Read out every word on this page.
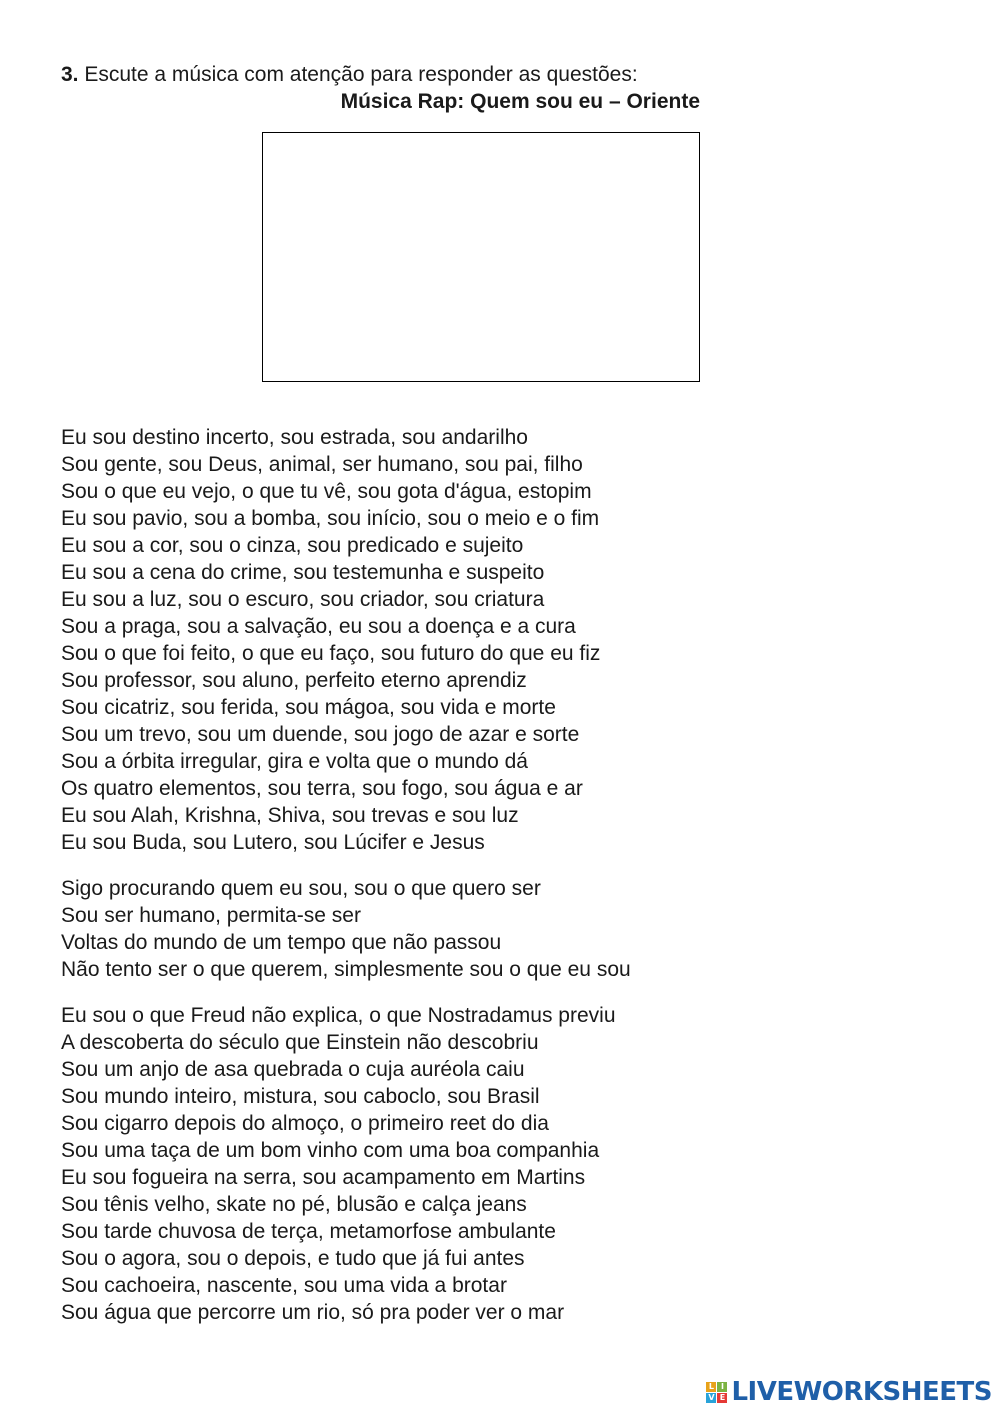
3. Escute a música com atenção para responder as questões:
Música Rap: Quem sou eu – Oriente
Eu sou destino incerto, sou estrada, sou andarilho
Sou gente, sou Deus, animal, ser humano, sou pai, filho
Sou o que eu vejo, o que tu vê, sou gota d'água, estopim
Eu sou pavio, sou a bomba, sou início, sou o meio e o fim
Eu sou a cor, sou o cinza, sou predicado e sujeito
Eu sou a cena do crime, sou testemunha e suspeito
Eu sou a luz, sou o escuro, sou criador, sou criatura
Sou a praga, sou a salvação, eu sou a doença e a cura
Sou o que foi feito, o que eu faço, sou futuro do que eu fiz
Sou professor, sou aluno, perfeito eterno aprendiz
Sou cicatriz, sou ferida, sou mágoa, sou vida e morte
Sou um trevo, sou um duende, sou jogo de azar e sorte
Sou a órbita irregular, gira e volta que o mundo dá
Os quatro elementos, sou terra, sou fogo, sou água e ar
Eu sou Alah, Krishna, Shiva, sou trevas e sou luz
Eu sou Buda, sou Lutero, sou Lúcifer e Jesus
Sigo procurando quem eu sou, sou o que quero ser
Sou ser humano, permita-se ser
Voltas do mundo de um tempo que não passou
Não tento ser o que querem, simplesmente sou o que eu sou
Eu sou o que Freud não explica, o que Nostradamus previu
A descoberta do século que Einstein não descobriu
Sou um anjo de asa quebrada o cuja auréola caiu
Sou mundo inteiro, mistura, sou caboclo, sou Brasil
Sou cigarro depois do almoço, o primeiro reet do dia
Sou uma taça de um bom vinho com uma boa companhia
Eu sou fogueira na serra, sou acampamento em Martins
Sou tênis velho, skate no pé, blusão e calça jeans
Sou tarde chuvosa de terça, metamorfose ambulante
Sou o agora, sou o depois, e tudo que já fui antes
Sou cachoeira, nascente, sou uma vida a brotar
Sou água que percorre um rio, só pra poder ver o mar
L I
V E LIVEWORKSHEETS
